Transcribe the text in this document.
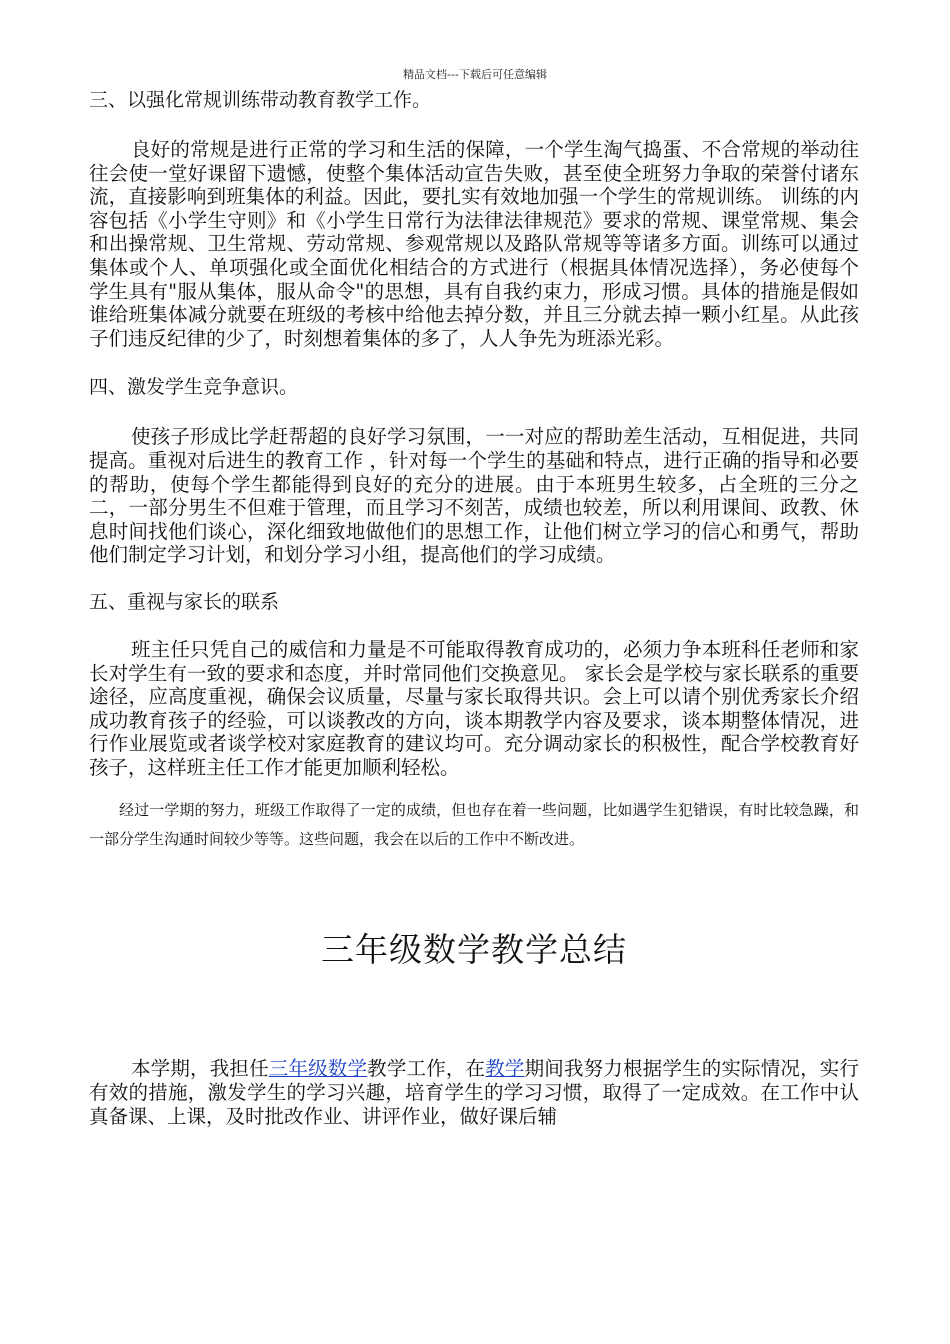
精品文档---下载后可任意编辑

三、以强化常规训练带动教育教学工作。

良好的常规是进行正常的学习和生活的保障，一个学生淘气捣蛋、不合常规的举动往往会使一堂好课留下遗憾，使整个集体活动宣告失败，甚至使全班努力争取的荣誉付诸东流，直接影响到班集体的利益。因此，要扎实有效地加强一个学生的常规训练。 训练的内容包括《小学生守则》和《小学生日常行为法律法律规范》要求的常规、课堂常规、集会和出操常规、卫生常规、劳动常规、参观常规以及路队常规等等诸多方面。训练可以通过集体或个人、单项强化或全面优化相结合的方式进行（根据具体情况选择），务必使每个学生具有"服从集体，服从命令"的思想，具有自我约束力，形成习惯。具体的措施是假如谁给班集体减分就要在班级的考核中给他去掉分数，并且三分就去掉一颗小红星。从此孩子们违反纪律的少了，时刻想着集体的多了，人人争先为班添光彩。

四、激发学生竞争意识。

使孩子形成比学赶帮超的良好学习氛围，一一对应的帮助差生活动，互相促进，共同提高。重视对后进生的教育工作 ，针对每一个学生的基础和特点，进行正确的指导和必要的帮助，使每个学生都能得到良好的充分的进展。由于本班男生较多，占全班的三分之二，一部分男生不但难于管理，而且学习不刻苦，成绩也较差，所以利用课间、政教、休息时间找他们谈心，深化细致地做他们的思想工作，让他们树立学习的信心和勇气，帮助他们制定学习计划，和划分学习小组，提高他们的学习成绩。

五、重视与家长的联系

班主任只凭自己的威信和力量是不可能取得教育成功的，必须力争本班科任老师和家长对学生有一致的要求和态度，并时常同他们交换意见。 家长会是学校与家长联系的重要途径，应高度重视，确保会议质量，尽量与家长取得共识。会上可以请个别优秀家长介绍成功教育孩子的经验，可以谈教改的方向，谈本期教学内容及要求，谈本期整体情况，进行作业展览或者谈学校对家庭教育的建议均可。充分调动家长的积极性，配合学校教育好孩子，这样班主任工作才能更加顺利轻松。

经过一学期的努力，班级工作取得了一定的成绩，但也存在着一些问题，比如遇学生犯错误，有时比较急躁，和一部分学生沟通时间较少等等。这些问题，我会在以后的工作中不断改进。

三年级数学教学总结

本学期，我担任三年级数学教学工作，在教学期间我努力根据学生的实际情况，实行有效的措施，激发学生的学习兴趣，培育学生的学习习惯，取得了一定成效。在工作中认真备课、上课，及时批改作业、讲评作业，做好课后辅
